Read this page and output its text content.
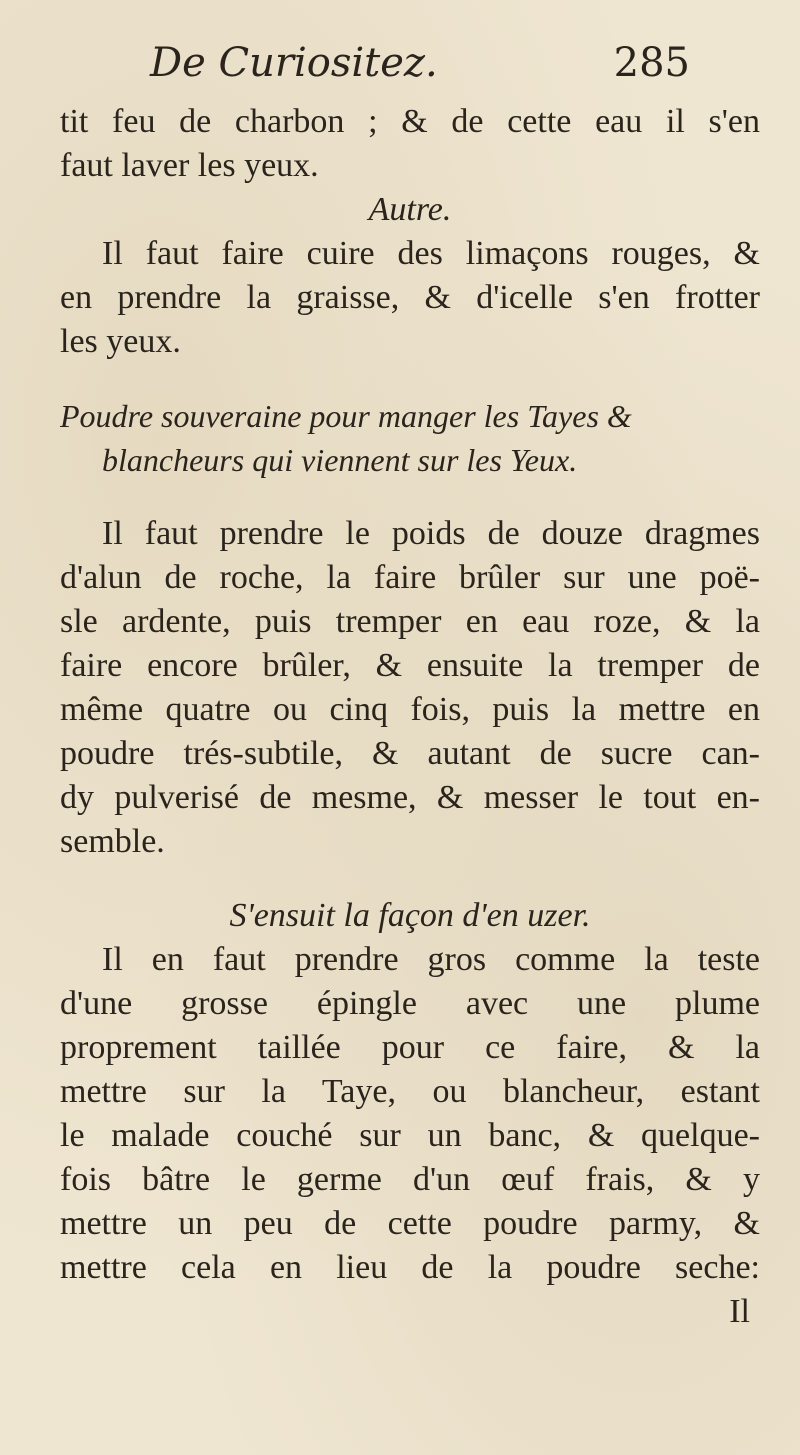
De Curiositez.	285
tit feu de charbon ; & de cette eau il s'en
faut laver les yeux.
Autre.
Il faut faire cuire des limaçons rouges, &
en prendre la graisse, & d'icelle s'en frotter
les yeux.
Poudre souveraine pour manger les Tayes &
blancheurs qui viennent sur les Yeux.
Il faut prendre le poids de douze dragmes
d'alun de roche, la faire brûler sur une poë-
sle ardente, puis tremper en eau roze, & la
faire encore brûler, & ensuite la tremper de
même quatre ou cinq fois, puis la mettre en
poudre trés-subtile, & autant de sucre can-
dy pulverisé de mesme, & messer le tout en-
semble.
S'ensuit la façon d'en uzer.
Il en faut prendre gros comme la teste
d'une grosse épingle avec une plume
proprement taillée pour ce faire, & la
mettre sur la Taye, ou blancheur, estant
le malade couché sur un banc, & quelque-
fois bâtre le germe d'un œuf frais, & y
mettre un peu de cette poudre parmy, &
mettre cela en lieu de la poudre seche:
Il
